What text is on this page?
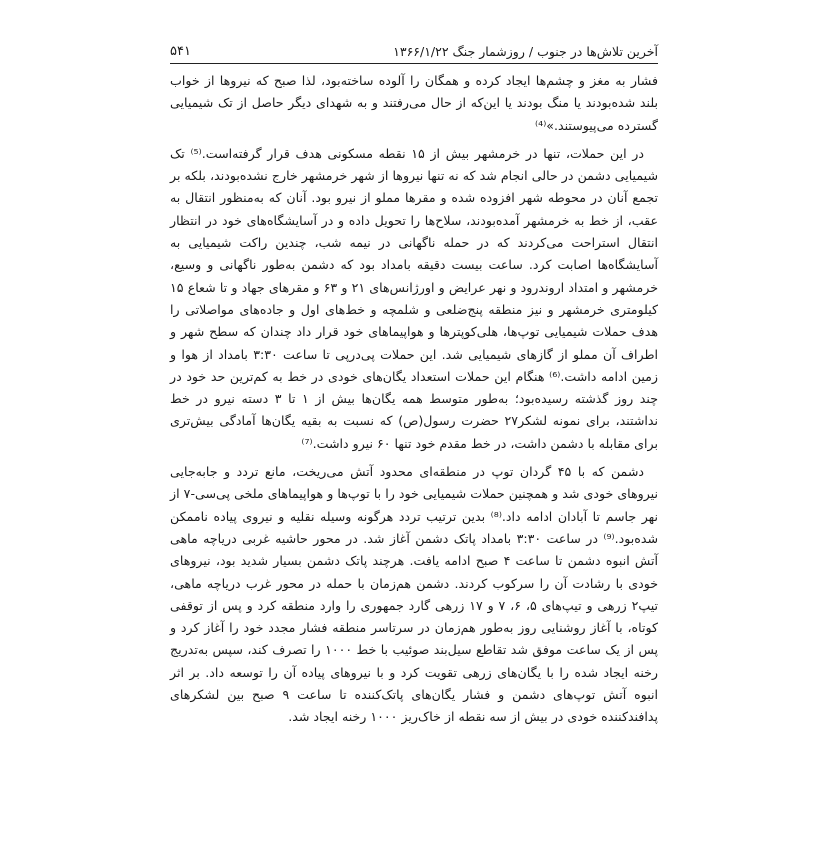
آخرین تلاش‌ها در جنوب / روزشمار جنگ ۱۳۶۶/۱/۲۲
۵۴۱

فشار به مغز و چشم‌ها ایجاد کرده و همگان را آلوده ساخته‌بود، لذا صبح که نیروها از خواب بلند شده‌بودند یا منگ بودند یا این‌که از حال می‌رفتند و به شهدای دیگر حاصل از تک شیمیایی گسترده می‌پیوستند.»⁽⁴⁾

در این حملات، تنها در خرمشهر بیش از ۱۵ نقطه مسکونی هدف قرار گرفته‌است.⁽⁵⁾ تک شیمیایی دشمن در حالی انجام شد که نه تنها نیروها از شهر خرمشهر خارج نشده‌بودند، بلکه بر تجمع آنان در محوطه شهر افزوده شده و مقرها مملو از نیرو بود. آنان که به‌منظور انتقال به عقب، از خط به خرمشهر آمده‌بودند، سلاح‌ها را تحویل داده و در آسایشگاه‌های خود در انتظار انتقال استراحت می‌کردند که در حمله ناگهانی در نیمه شب، چندین راکت شیمیایی به آسایشگاه‌ها اصابت کرد. ساعت بیست دقیقه بامداد بود که دشمن به‌طور ناگهانی و وسیع، خرمشهر و امتداد اروندرود و نهر عرایض و اورژانس‌های ۲۱ و ۶۳ و مقرهای جهاد و تا شعاع ۱۵ کیلومتری خرمشهر و نیز منطقه پنج‌ضلعی و شلمچه و خط‌های اول و جاده‌های مواصلاتی را هدف حملات شیمیایی توپ‌ها، هلی‌کوپترها و هواپیماهای خود قرار داد چندان که سطح شهر و اطراف آن مملو از گازهای شیمیایی شد. این حملات پی‌درپی تا ساعت ۳:۳۰ بامداد از هوا و زمین ادامه داشت.⁽⁶⁾ هنگام این حملات استعداد یگان‌های خودی در خط به کم‌ترین حد خود در چند روز گذشته رسیده‌بود؛ به‌طور متوسط همه یگان‌ها بیش از ۱ تا ۳ دسته نیرو در خط نداشتند، برای نمونه لشکر۲۷ حضرت رسول(ص) که نسبت به بقیه یگان‌ها آمادگی بیش‌تری برای مقابله با دشمن داشت، در خط مقدم خود تنها ۶۰ نیرو داشت.⁽⁷⁾

دشمن که با ۴۵ گردان توپ در منطقه‌ای محدود آتش می‌ریخت، مانع تردد و جابه‌جایی نیروهای خودی شد و همچنین حملات شیمیایی خود را با توپ‌ها و هواپیماهای ملخی پی‌سی-۷ از نهر جاسم تا آبادان ادامه داد.⁽⁸⁾ بدین ترتیب تردد هرگونه وسیله نقلیه و نیروی پیاده ناممکن شده‌بود.⁽⁹⁾ در ساعت ۳:۳۰ بامداد پاتک دشمن آغاز شد. در محور حاشیه غربی دریاچه ماهی آتش انبوه دشمن تا ساعت ۴ صبح ادامه یافت. هرچند پاتک دشمن بسیار شدید بود، نیروهای خودی با رشادت آن را سرکوب کردند. دشمن هم‌زمان با حمله در محور غرب دریاچه ماهی، تیپ۲ زرهی و تیپ‌های ۵، ۶، ۷ و ۱۷ زرهی گارد جمهوری را وارد منطقه کرد و پس از توقفی کوتاه، با آغاز روشنایی روز به‌طور هم‌زمان در سرتاسر منطقه فشار مجدد خود را آغاز کرد و پس از یک ساعت موفق شد تقاطع سیل‌بند صوئیب با خط ۱۰۰۰ را تصرف کند، سپس به‌تدریج رخنه ایجاد شده را با یگان‌های زرهی تقویت کرد و با نیروهای پیاده آن را توسعه داد. بر اثر انبوه آتش توپ‌های دشمن و فشار یگان‌های پاتک‌کننده تا ساعت ۹ صبح بین لشکرهای پدافندکننده خودی در بیش از سه نقطه از خاک‌ریز ۱۰۰۰ رخنه ایجاد شد.
